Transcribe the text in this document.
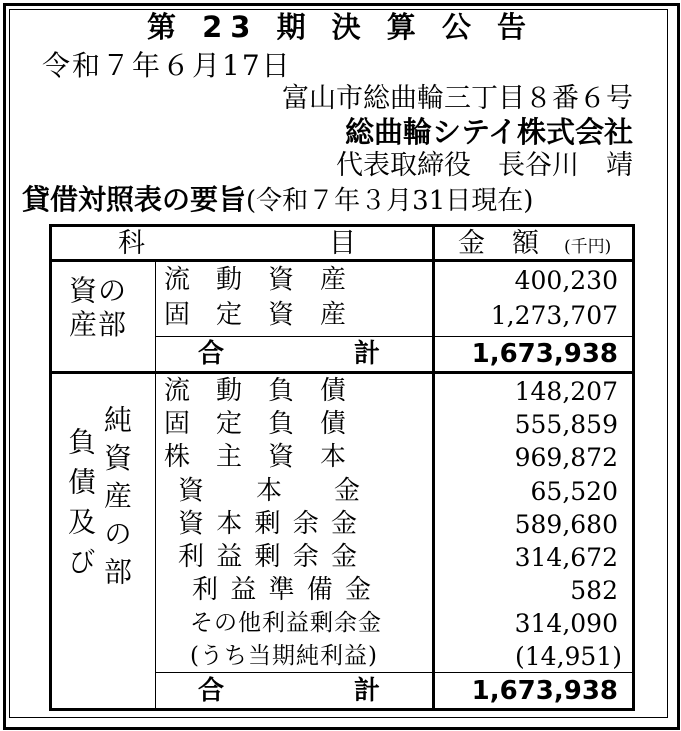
第 23 期 決 算 公 告
令和７年６月17日
富山市総曲輪三丁目８番６号
総曲輪シテイ株式会社
代表取締役　長谷川　靖
貸借対照表の要旨(令和７年３月31日現在)
科	目	金　額 (千円)
資の
産部
流　動　資　産	400,230
固　定　資　産	1,273,707
合	計	1,673,938
負債及び 純資産の部
流　動　負　債	148,207
固　定　負　債	555,859
株　主　資　本	969,872
資　　本　　金	65,520
資 本 剰 余 金	589,680
利 益 剰 余 金	314,672
利 益 準 備 金	582
その他利益剰余金	314,090
(うち当期純利益)	(14,951)
合	計	1,673,938
